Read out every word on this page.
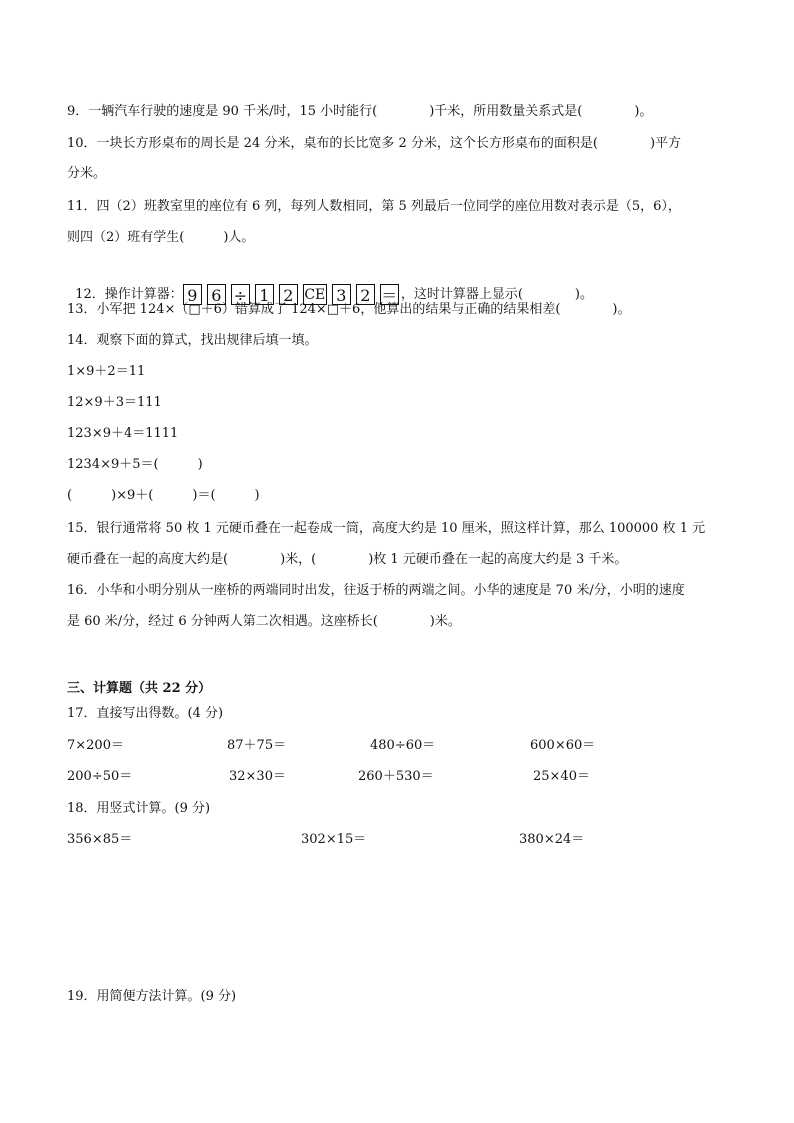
9．一辆汽车行驶的速度是 90 千米/时，15 小时能行(　　　　)千米，所用数量关系式是(　　　　)。
10．一块长方形桌布的周长是 24 分米，桌布的长比宽多 2 分米，这个长方形桌布的面积是(　　　　)平方
分米。
11．四（2）班教室里的座位有 6 列，每列人数相同，第 5 列最后一位同学的座位用数对表示是（5，6），
则四（2）班有学生(　　　)人。

12．操作计算器： 9 6 ÷ 1 2 CE 3 2 ＝ ，这时计算器上显示(　　　　)。

13．小军把 124×（□＋6）错算成了 124×□＋6，他算出的结果与正确的结果相差(　　　　)。
14．观察下面的算式，找出规律后填一填。
1×9＋2＝11
12×9＋3＝111
123×9＋4＝1111
1234×9＋5＝(　　　)
(　　　)×9＋(　　　)＝(　　　)
15．银行通常将 50 枚 1 元硬币叠在一起卷成一筒，高度大约是 10 厘米，照这样计算，那么 100000 枚 1 元
硬币叠在一起的高度大约是(　　　　)米，(　　　　)枚 1 元硬币叠在一起的高度大约是 3 千米。
16．小华和小明分别从一座桥的两端同时出发，往返于桥的两端之间。小华的速度是 70 米/分，小明的速度
是 60 米/分，经过 6 分钟两人第二次相遇。这座桥长(　　　　)米。
三、计算题（共 22 分）
17．直接写出得数。(4 分)
7×200＝	87＋75＝	480÷60＝	600×60＝
200÷50＝	32×30＝	260＋530＝	25×40＝
18．用竖式计算。(9 分)
356×85＝	302×15＝	380×24＝
19．用简便方法计算。(9 分)
